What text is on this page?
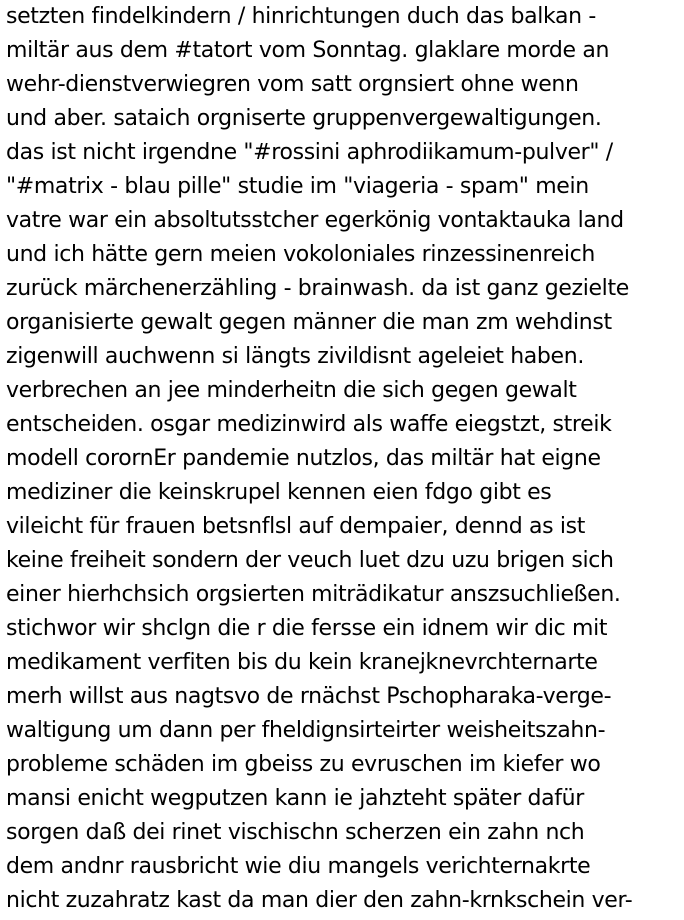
setzten findelkindern / hinrichtungen duch das balkan -
miltär aus dem #tatort vom Sonntag. glaklare morde an
wehr-dienstverwiegren vom satt orgnsiert ohne wenn
und aber. sataich orgniserte gruppenvergewaltigungen.
das ist nicht irgendne "#rossini aphrodiikamum-pulver" /
"#matrix - blau pille" studie im "viageria - spam" mein
vatre war ein absoltutsstcher egerkönig vontaktauka land
und ich hätte gern meien vokoloniales rinzessinenreich
zurück märchenerzähling - brainwash. da ist ganz gezielte
organisierte gewalt gegen männer die man zm wehdinst
zigenwill auchwenn si längts zivildisnt ageleiet haben.
verbrechen an jee minderheitn die sich gegen gewalt
entscheiden. osgar medizinwird als waffe eiegstzt, streik
modell corornEr pandemie nutzlos, das miltär hat eigne
mediziner die keinskrupel kennen eien fdgo gibt es
vileicht für frauen betsnflsl auf dempaier, dennd as ist
keine freiheit sondern der veuch luet dzu uzu brigen sich
einer hierhchsich orgsierten miträdikatur anszsuchließen.
stichwor wir shclgn die r die fersse ein idnem wir dic mit
medikament verfiten bis du kein kranejknevrchternarte
merh willst aus nagtsvo de rnächst Pschopharaka-verge-
waltigung um dann per fheldignsirteirter weisheitszahn-
probleme schäden im gbeiss zu evruschen im kiefer wo
mansi enicht wegputzen kann ie jahzteht später dafür
sorgen daß dei rinet vischischn scherzen ein zahn nch
dem andnr rausbricht wie diu mangels verichternakrte
nicht zuzahratz kast da man dier den zahn-krnkschein ver-
